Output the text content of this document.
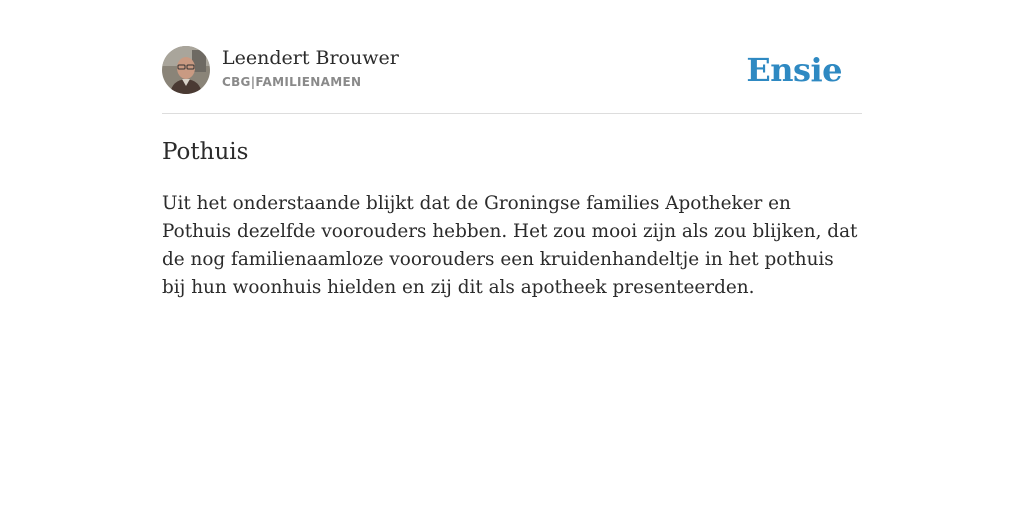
Leendert Brouwer
CBG|FAMILIENAMEN	Ensie
Pothuis

Uit het onderstaande blijkt dat de Groningse families Apotheker en Pothuis dezelfde voorouders hebben. Het zou mooi zijn als zou blijken, dat de nog familienaamloze voorouders een kruidenhandeltje in het pothuis bij hun woonhuis hielden en zij dit als apotheek presenteerden.
